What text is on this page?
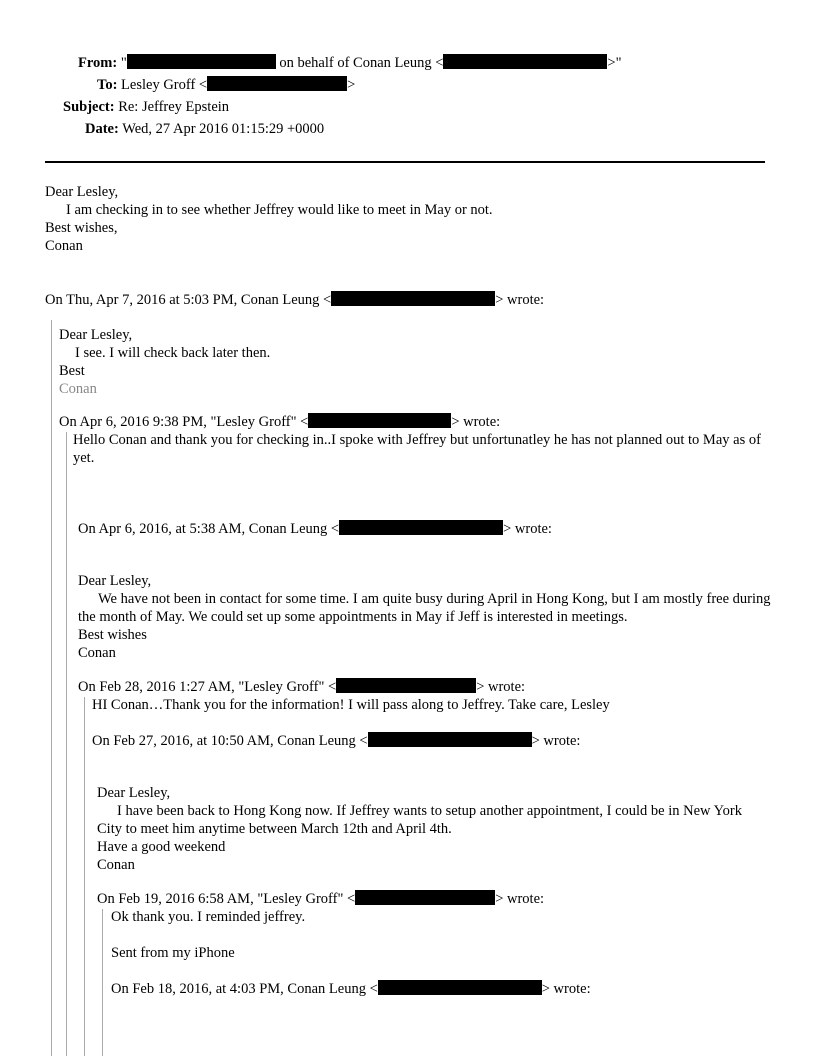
From: "	on behalf of Conan Leung <	>"
To: Lesley Groff <	>
Subject: Re: Jeffrey Epstein
Date: Wed, 27 Apr 2016 01:15:29 +0000
Dear Lesley,
I am checking in to see whether Jeffrey would like to meet in May or not.
Best wishes,
Conan
On Thu, Apr 7, 2016 at 5:03 PM, Conan Leung <	> wrote:
Dear Lesley,
I see. I will check back later then.
Best
Conan
On Apr 6, 2016 9:38 PM, "Lesley Groff" <	> wrote:
Hello Conan and thank you for checking in..I spoke with Jeffrey but unfortunatley he has not planned out to May as of yet.
On Apr 6, 2016, at 5:38 AM, Conan Leung <	> wrote:
Dear Lesley,
We have not been in contact for some time. I am quite busy during April in Hong Kong, but I am mostly free during the month of May. We could set up some appointments in May if Jeff is interested in meetings.
Best wishes
Conan
On Feb 28, 2016 1:27 AM, "Lesley Groff" <	> wrote:
HI Conan…Thank you for the information! I will pass along to Jeffrey. Take care, Lesley
On Feb 27, 2016, at 10:50 AM, Conan Leung <	> wrote:
Dear Lesley,
I have been back to Hong Kong now. If Jeffrey wants to setup another appointment, I could be in New York City to meet him anytime between March 12th and April 4th.
Have a good weekend
Conan
On Feb 19, 2016 6:58 AM, "Lesley Groff" <	> wrote:
Ok thank you. I reminded jeffrey.
Sent from my iPhone
On Feb 18, 2016, at 4:03 PM, Conan Leung <	> wrote:
